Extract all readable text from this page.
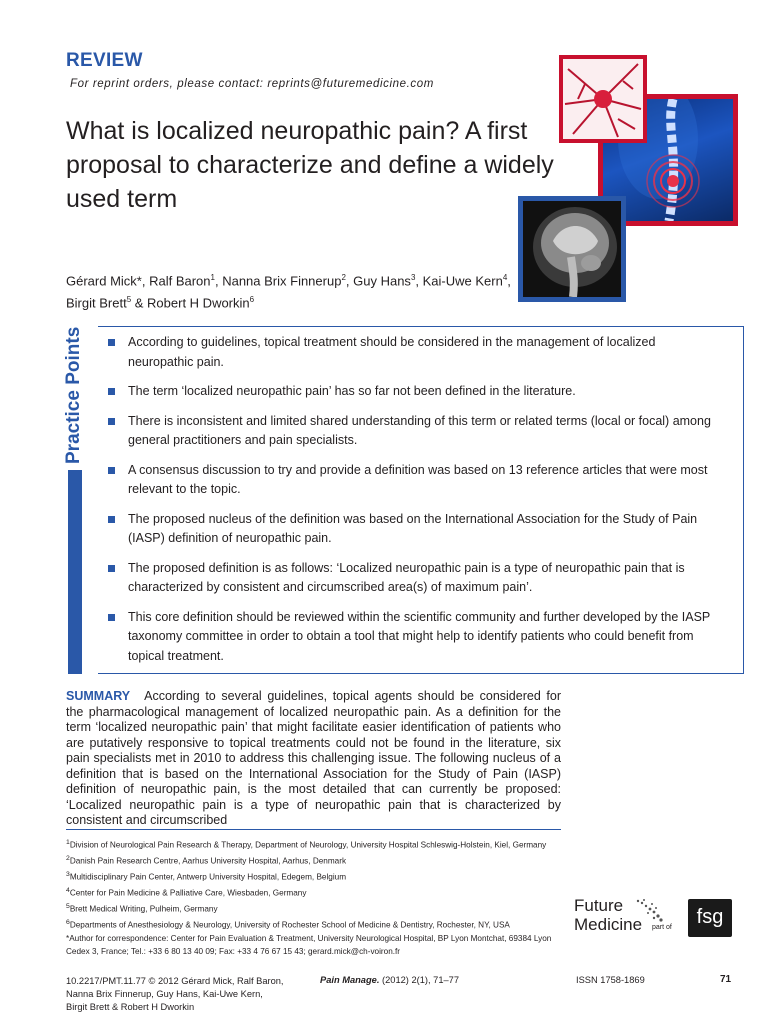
REVIEW
For reprint orders, please contact: reprints@futuremedicine.com
What is localized neuropathic pain? A first proposal to characterize and define a widely used term
Gérard Mick*, Ralf Baron$^1$, Nanna Brix Finnerup$^2$, Guy Hans$^3$, Kai-Uwe Kern$^4$,
Birgit Brett$^5$ & Robert H Dworkin$^6$
Practice Points	According to guidelines, topical treatment should be considered in the management of localized neuropathic pain.
The term ‘localized neuropathic pain’ has so far not been defined in the literature.
There is inconsistent and limited shared understanding of this term or related terms (local or focal) among general practitioners and pain specialists.
A consensus discussion to try and provide a definition was based on 13 reference articles that were most relevant to the topic.
The proposed nucleus of the definition was based on the International Association for the Study of Pain (IASP) definition of neuropathic pain.
The proposed definition is as follows: ‘Localized neuropathic pain is a type of neuropathic pain that is characterized by consistent and circumscribed area(s) of maximum pain’.
This core definition should be reviewed within the scientific community and further developed by the IASP taxonomy committee in order to obtain a tool that might help to identify patients who could benefit from topical treatment.

SUMMARY According to several guidelines, topical agents should be considered for the pharmacological management of localized neuropathic pain. As a definition for the term ‘localized neuropathic pain’ that might facilitate easier identification of patients who are putatively responsive to topical treatments could not be found in the literature, six pain specialists met in 2010 to address this challenging issue. The following nucleus of a definition that is based on the International Association for the Study of Pain (IASP) definition of neuropathic pain, is the most detailed that can currently be proposed: ‘Localized neuropathic pain is a type of neuropathic pain that is characterized by consistent and circumscribed

$^1$Division of Neurological Pain Research & Therapy, Department of Neurology, University Hospital Schleswig-Holstein, Kiel, Germany
$^2$Danish Pain Research Centre, Aarhus University Hospital, Aarhus, Denmark
$^3$Multidisciplinary Pain Center, Antwerp University Hospital, Edegem, Belgium
$^4$Center for Pain Medicine & Palliative Care, Wiesbaden, Germany
$^5$Brett Medical Writing, Pulheim, Germany
$^6$Departments of Anesthesiology & Neurology, University of Rochester School of Medicine & Dentistry, Rochester, NY, USA
*Author for correspondence: Center for Pain Evaluation & Treatment, University Neurological Hospital, BP Lyon Montchat, 69384 Lyon Cedex 3, France; Tel.: +33 6 80 13 40 09; Fax: +33 4 76 67 15 43; gerard.mick@ch-voiron.fr
Future
Medicine part of	fsg
10.2217/PMT.11.77 © 2012 Gérard Mick, Ralf Baron,
Nanna Brix Finnerup, Guy Hans, Kai-Uwe Kern,
Birgit Brett & Robert H Dworkin
Pain Manage. (2012) 2(1), 71–77	ISSN 1758-1869	71
